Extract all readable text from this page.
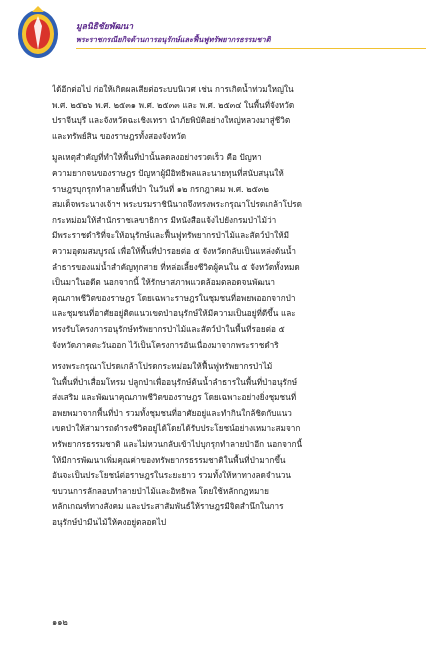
มูลนิธิชัยพัฒนา
พระราชกรณียกิจด้านการอนุรักษ์และฟื้นฟูทรัพยากรธรรมชาติ
ได้อีกต่อไป ก่อให้เกิดผลเสียต่อระบบนิเวศ เช่น การเกิดน้ำท่วมใหญ่ใน
พ.ศ. ๒๕๒๖ พ.ศ. ๒๕๓๑ พ.ศ. ๒๕๓๓ และ พ.ศ. ๒๕๓๔ ในพื้นที่จังหวัด
ปราจีนบุรี และจังหวัดฉะเชิงเทรา นำภัยพิบัติอย่างใหญ่หลวงมาสู่ชีวิต
และทรัพย์สิน ของราษฎรทั้งสองจังหวัด
มูลเหตุสำคัญที่ทำให้พื้นที่ป่านั้นลดลงอย่างรวดเร็ว คือ ปัญหา
ความยากจนของราษฎร ปัญหาผู้มีอิทธิพลและนายทุนที่สนับสนุนให้
ราษฎรบุกรุกทำลายพื้นที่ป่า ในวันที่ ๑๒ กรกฎาคม พ.ศ. ๒๕๓๒
สมเด็จพระนางเจ้าฯ พระบรมราชินีนาถจึงทรงพระกรุณาโปรดเกล้าโปรด
กระหม่อมให้สำนักราชเลขาธิการ มีหนังสือแจ้งไปยังกรมป่าไม้ว่า
มีพระราชดำริที่จะให้อนุรักษ์และฟื้นฟูทรัพยากรป่าไม้และสัตว์ป่าให้มี
ความอุดมสมบูรณ์ เพื่อให้พื้นที่ป่ารอยต่อ ๕ จังหวัดกลับเป็นแหล่งต้นน้ำ
ลำธารของแม่น้ำสำคัญทุกสาย ที่หล่อเลี้ยงชีวิตผู้คนใน ๕ จังหวัดทั้งหมด
เป็นมาในอดีต นอกจากนี้ ให้รักษาสภาพแวดล้อมตลอดจนพัฒนา
คุณภาพชีวิตของราษฎร โดยเฉพาะราษฎรในชุมชนที่อพยพออกจากป่า
และชุมชนที่อาศัยอยู่ติดแนวเขตป่าอนุรักษ์ให้มีความเป็นอยู่ที่ดีขึ้น และ
ทรงรับโครงการอนุรักษ์ทรัพยากรป่าไม้และสัตว์ป่าในพื้นที่รอยต่อ ๕
จังหวัดภาคตะวันออก ไว้เป็นโครงการอันเนื่องมาจากพระราชดำริ
ทรงพระกรุณาโปรดเกล้าโปรดกระหม่อมให้ฟื้นฟูทรัพยากรป่าไม้
ในพื้นที่ป่าเสื่อมโทรม ปลูกป่าเพื่ออนุรักษ์ต้นน้ำลำธารในพื้นที่ป่าอนุรักษ์
ส่งเสริม และพัฒนาคุณภาพชีวิตของราษฎร โดยเฉพาะอย่างยิ่งชุมชนที่
อพยพมาจากพื้นที่ป่า รวมทั้งชุมชนที่อาศัยอยู่และทำกินใกล้ชิดกับแนว
เขตป่าให้สามารถดำรงชีวิตอยู่ได้โดยได้รับประโยชน์อย่างเหมาะสมจาก
ทรัพยากรธรรมชาติ และไม่หวนกลับเข้าไปบุกรุกทำลายป่าอีก นอกจากนี้
ให้มีการพัฒนาเพิ่มคุณค่าของทรัพยากรธรรมชาติในพื้นที่ป่ามากขึ้น
อันจะเป็นประโยชน์ต่อราษฎรในระยะยาว รวมทั้งให้หาทางลดจำนวน
ขบวนการลักลอบทำลายป่าไม้และอิทธิพล โดยใช้หลักกฎหมาย
หลักเกณฑ์ทางสังคม และประสาสัมพันธ์ให้ราษฎรมีจิตสำนึกในการ
อนุรักษ์ป่ามีนไม้ให้คงอยู่ตลอดไป
๑๑๒
